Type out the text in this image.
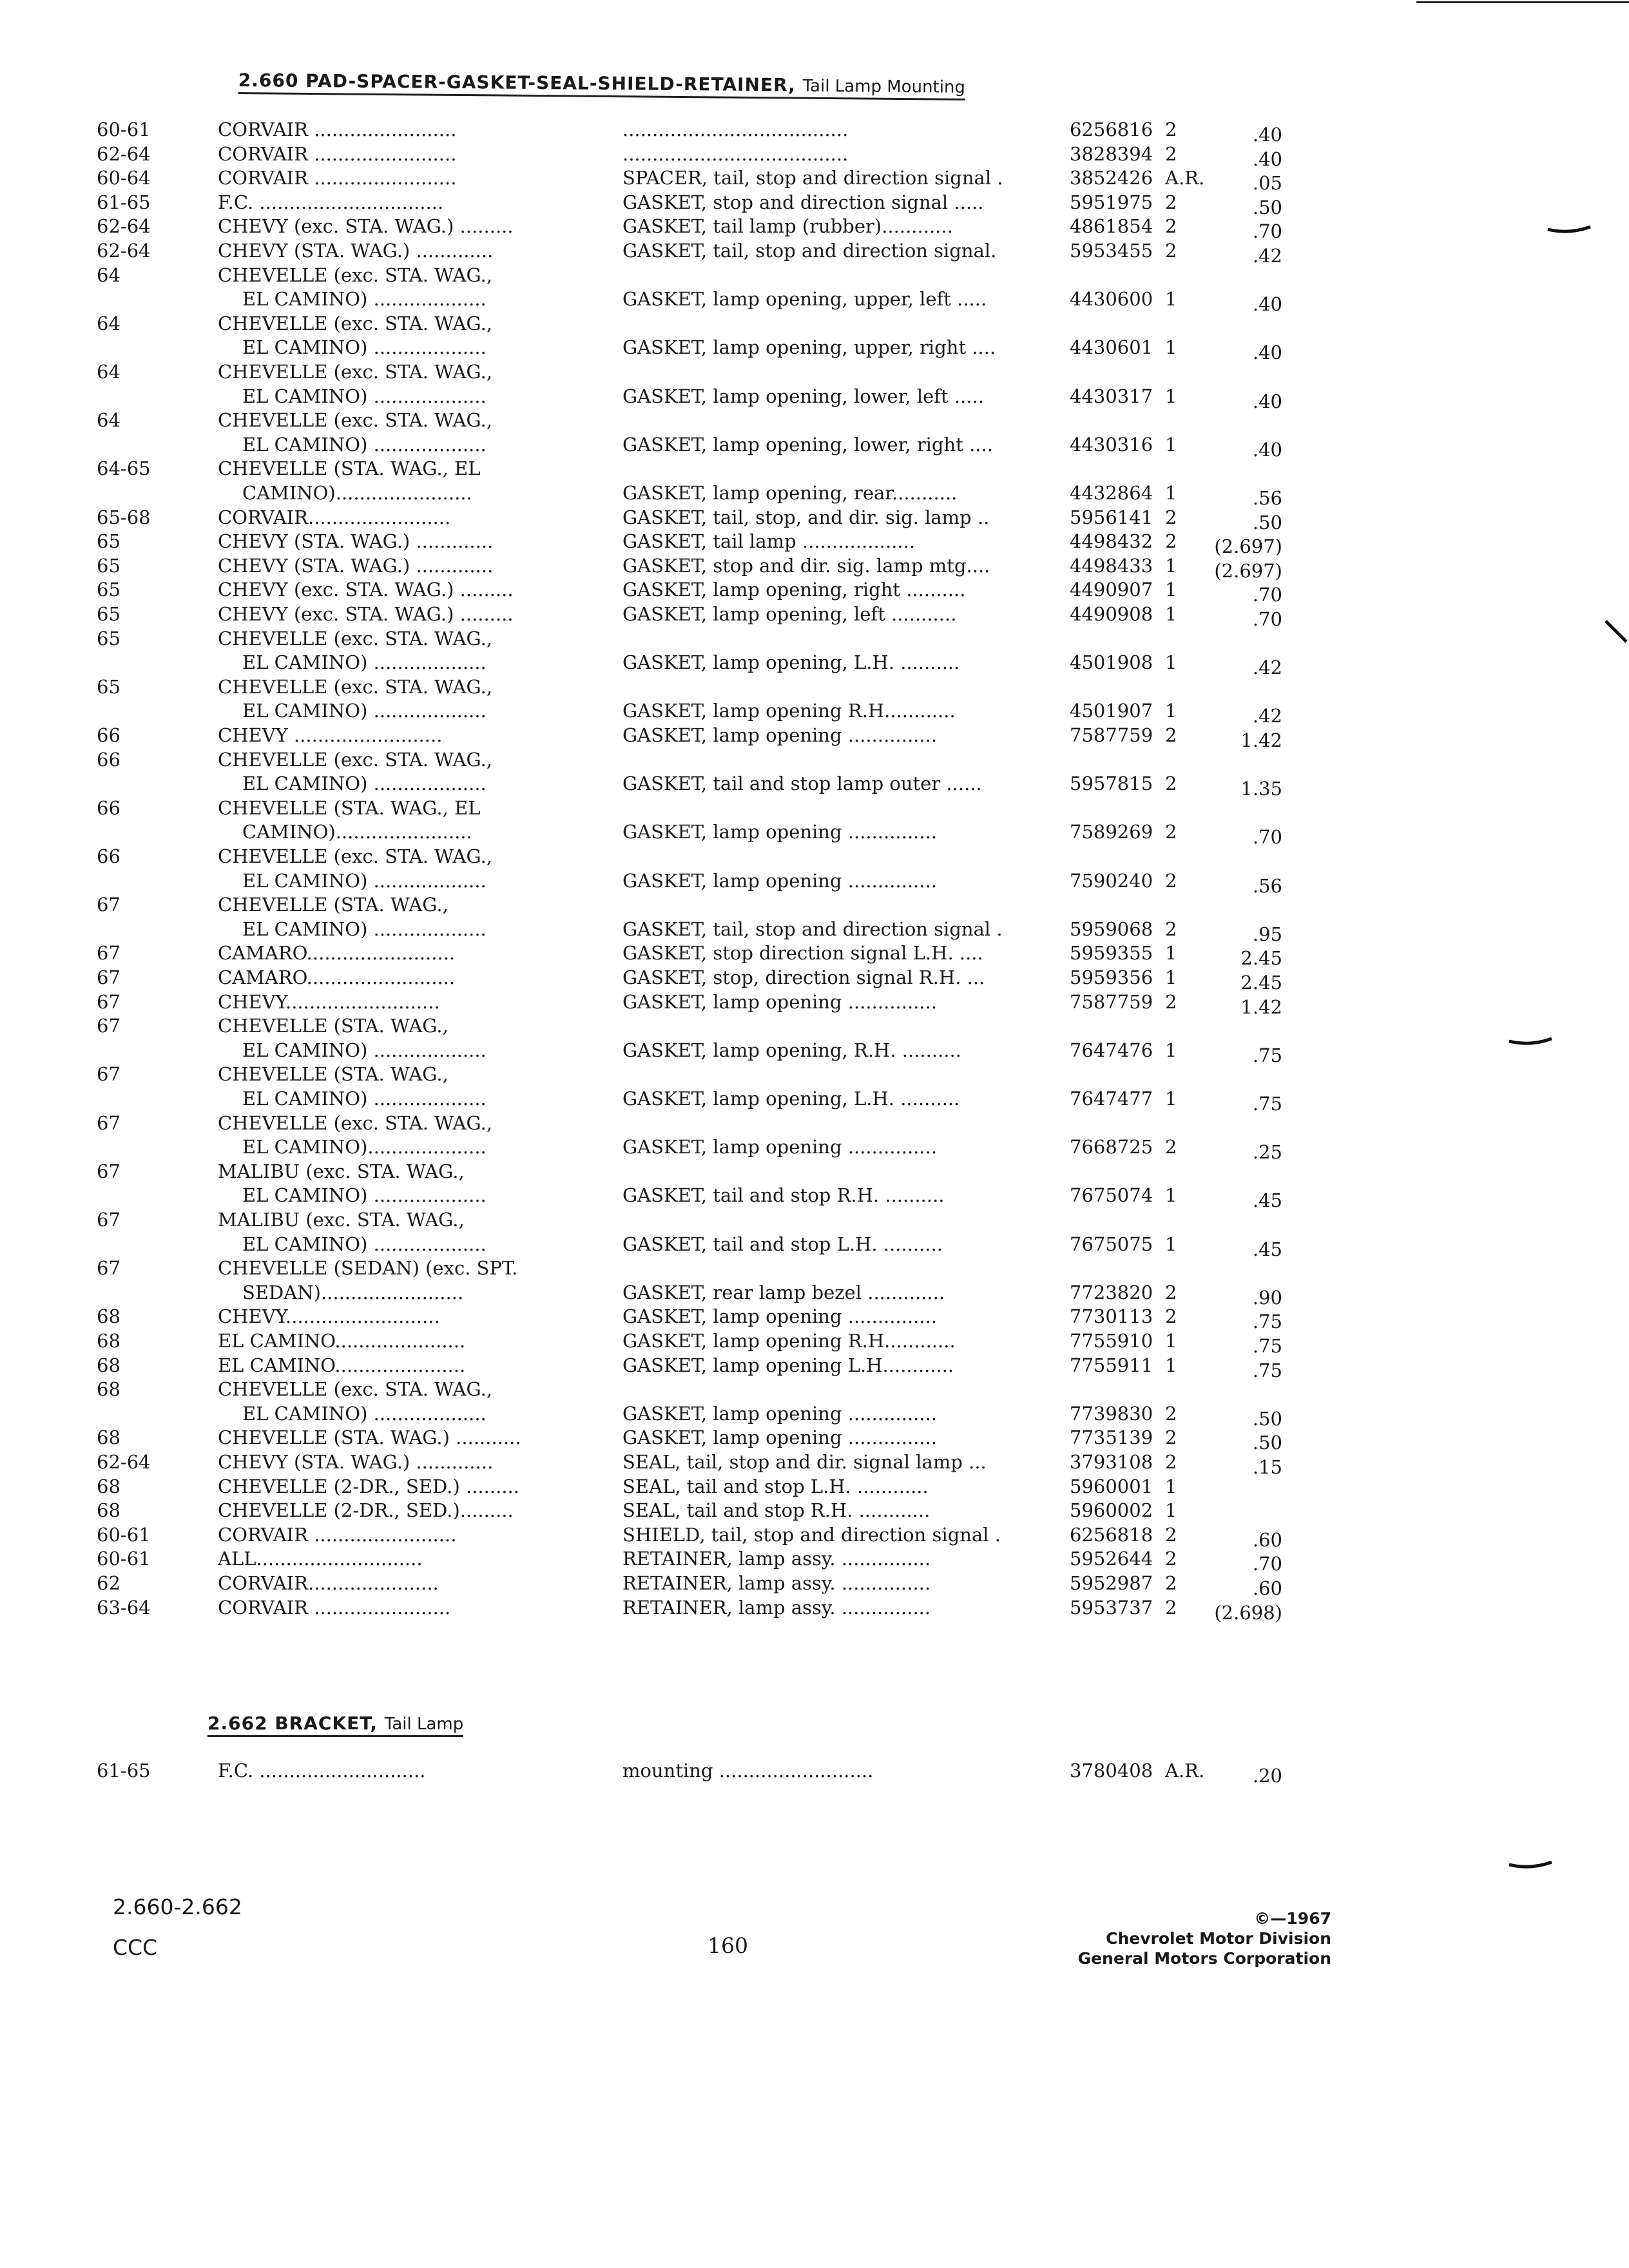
2.660 PAD-SPACER-GASKET-SEAL-SHIELD-RETAINER, Tail Lamp Mounting
2.662 BRACKET, Tail Lamp
60-61	CORVAIR ........................	......................................	6256816 2	.40
62-64	CORVAIR ........................	......................................	3828394 2	.40
60-64	CORVAIR ........................	SPACER, tail, stop and direction signal .	3852426 A.R.	.05
61-65	F.C. ...............................	GASKET, stop and direction signal .....	5951975 2	.50
62-64	CHEVY (exc. STA. WAG.) .........	GASKET, tail lamp (rubber)............	4861854 2	.70
62-64	CHEVY (STA. WAG.) .............	GASKET, tail, stop and direction signal.	5953455 2	.42
64	CHEVELLE (exc. STA. WAG.,
EL CAMINO) ...................	GASKET, lamp opening, upper, left .....	4430600 1	.40
64	CHEVELLE (exc. STA. WAG.,
EL CAMINO) ...................	GASKET, lamp opening, upper, right ....	4430601 1	.40
64	CHEVELLE (exc. STA. WAG.,
EL CAMINO) ...................	GASKET, lamp opening, lower, left .....	4430317 1	.40
64	CHEVELLE (exc. STA. WAG.,
EL CAMINO) ...................	GASKET, lamp opening, lower, right ....	4430316 1	.40
64-65	CHEVELLE (STA. WAG., EL
CAMINO).......................	GASKET, lamp opening, rear...........	4432864 1	.56
65-68	CORVAIR........................	GASKET, tail, stop, and dir. sig. lamp ..	5956141 2	.50
65	CHEVY (STA. WAG.) .............	GASKET, tail lamp ...................	4498432 2	(2.697)
65	CHEVY (STA. WAG.) .............	GASKET, stop and dir. sig. lamp mtg....	4498433 1	(2.697)
65	CHEVY (exc. STA. WAG.) .........	GASKET, lamp opening, right ..........	4490907 1	.70
65	CHEVY (exc. STA. WAG.) .........	GASKET, lamp opening, left ...........	4490908 1	.70
65	CHEVELLE (exc. STA. WAG.,
EL CAMINO) ...................	GASKET, lamp opening, L.H. ..........	4501908 1	.42
65	CHEVELLE (exc. STA. WAG.,
EL CAMINO) ...................	GASKET, lamp opening R.H............	4501907 1	.42
66	CHEVY .........................	GASKET, lamp opening ...............	7587759 2	1.42
66	CHEVELLE (exc. STA. WAG.,
EL CAMINO) ...................	GASKET, tail and stop lamp outer ......	5957815 2	1.35
66	CHEVELLE (STA. WAG., EL
CAMINO).......................	GASKET, lamp opening ...............	7589269 2	.70
66	CHEVELLE (exc. STA. WAG.,
EL CAMINO) ...................	GASKET, lamp opening ...............	7590240 2	.56
67	CHEVELLE (STA. WAG.,
EL CAMINO) ...................	GASKET, tail, stop and direction signal .	5959068 2	.95
67	CAMARO.........................	GASKET, stop direction signal L.H. ....	5959355 1	2.45
67	CAMARO.........................	GASKET, stop, direction signal R.H. ...	5959356 1	2.45
67	CHEVY..........................	GASKET, lamp opening ...............	7587759 2	1.42
67	CHEVELLE (STA. WAG.,
EL CAMINO) ...................	GASKET, lamp opening, R.H. ..........	7647476 1	.75
67	CHEVELLE (STA. WAG.,
EL CAMINO) ...................	GASKET, lamp opening, L.H. ..........	7647477 1	.75
67	CHEVELLE (exc. STA. WAG.,
EL CAMINO)....................	GASKET, lamp opening ...............	7668725 2	.25
67	MALIBU (exc. STA. WAG.,
EL CAMINO) ...................	GASKET, tail and stop R.H. ..........	7675074 1	.45
67	MALIBU (exc. STA. WAG.,
EL CAMINO) ...................	GASKET, tail and stop L.H. ..........	7675075 1	.45
67	CHEVELLE (SEDAN) (exc. SPT.
SEDAN)........................	GASKET, rear lamp bezel .............	7723820 2	.90
68	CHEVY..........................	GASKET, lamp opening ...............	7730113 2	.75
68	EL CAMINO......................	GASKET, lamp opening R.H............	7755910 1	.75
68	EL CAMINO......................	GASKET, lamp opening L.H............	7755911 1	.75
68	CHEVELLE (exc. STA. WAG.,
EL CAMINO) ...................	GASKET, lamp opening ...............	7739830 2	.50
68	CHEVELLE (STA. WAG.) ...........	GASKET, lamp opening ...............	7735139 2	.50
62-64	CHEVY (STA. WAG.) .............	SEAL, tail, stop and dir. signal lamp ...	3793108 2	.15
68	CHEVELLE (2-DR., SED.) .........	SEAL, tail and stop L.H. ............	5960001 1
68	CHEVELLE (2-DR., SED.).........	SEAL, tail and stop R.H. ............	5960002 1
60-61	CORVAIR ........................	SHIELD, tail, stop and direction signal .	6256818 2	.60
60-61	ALL............................	RETAINER, lamp assy. ...............	5952644 2	.70
62	CORVAIR......................	RETAINER, lamp assy. ...............	5952987 2	.60
63-64	CORVAIR .......................	RETAINER, lamp assy. ...............	5953737 2	(2.698)
61-65	F.C. ............................	mounting ..........................	3780408 A.R.	.20
2.660-2.662
CCC	160
©—1967
Chevrolet Motor Division
General Motors Corporation
